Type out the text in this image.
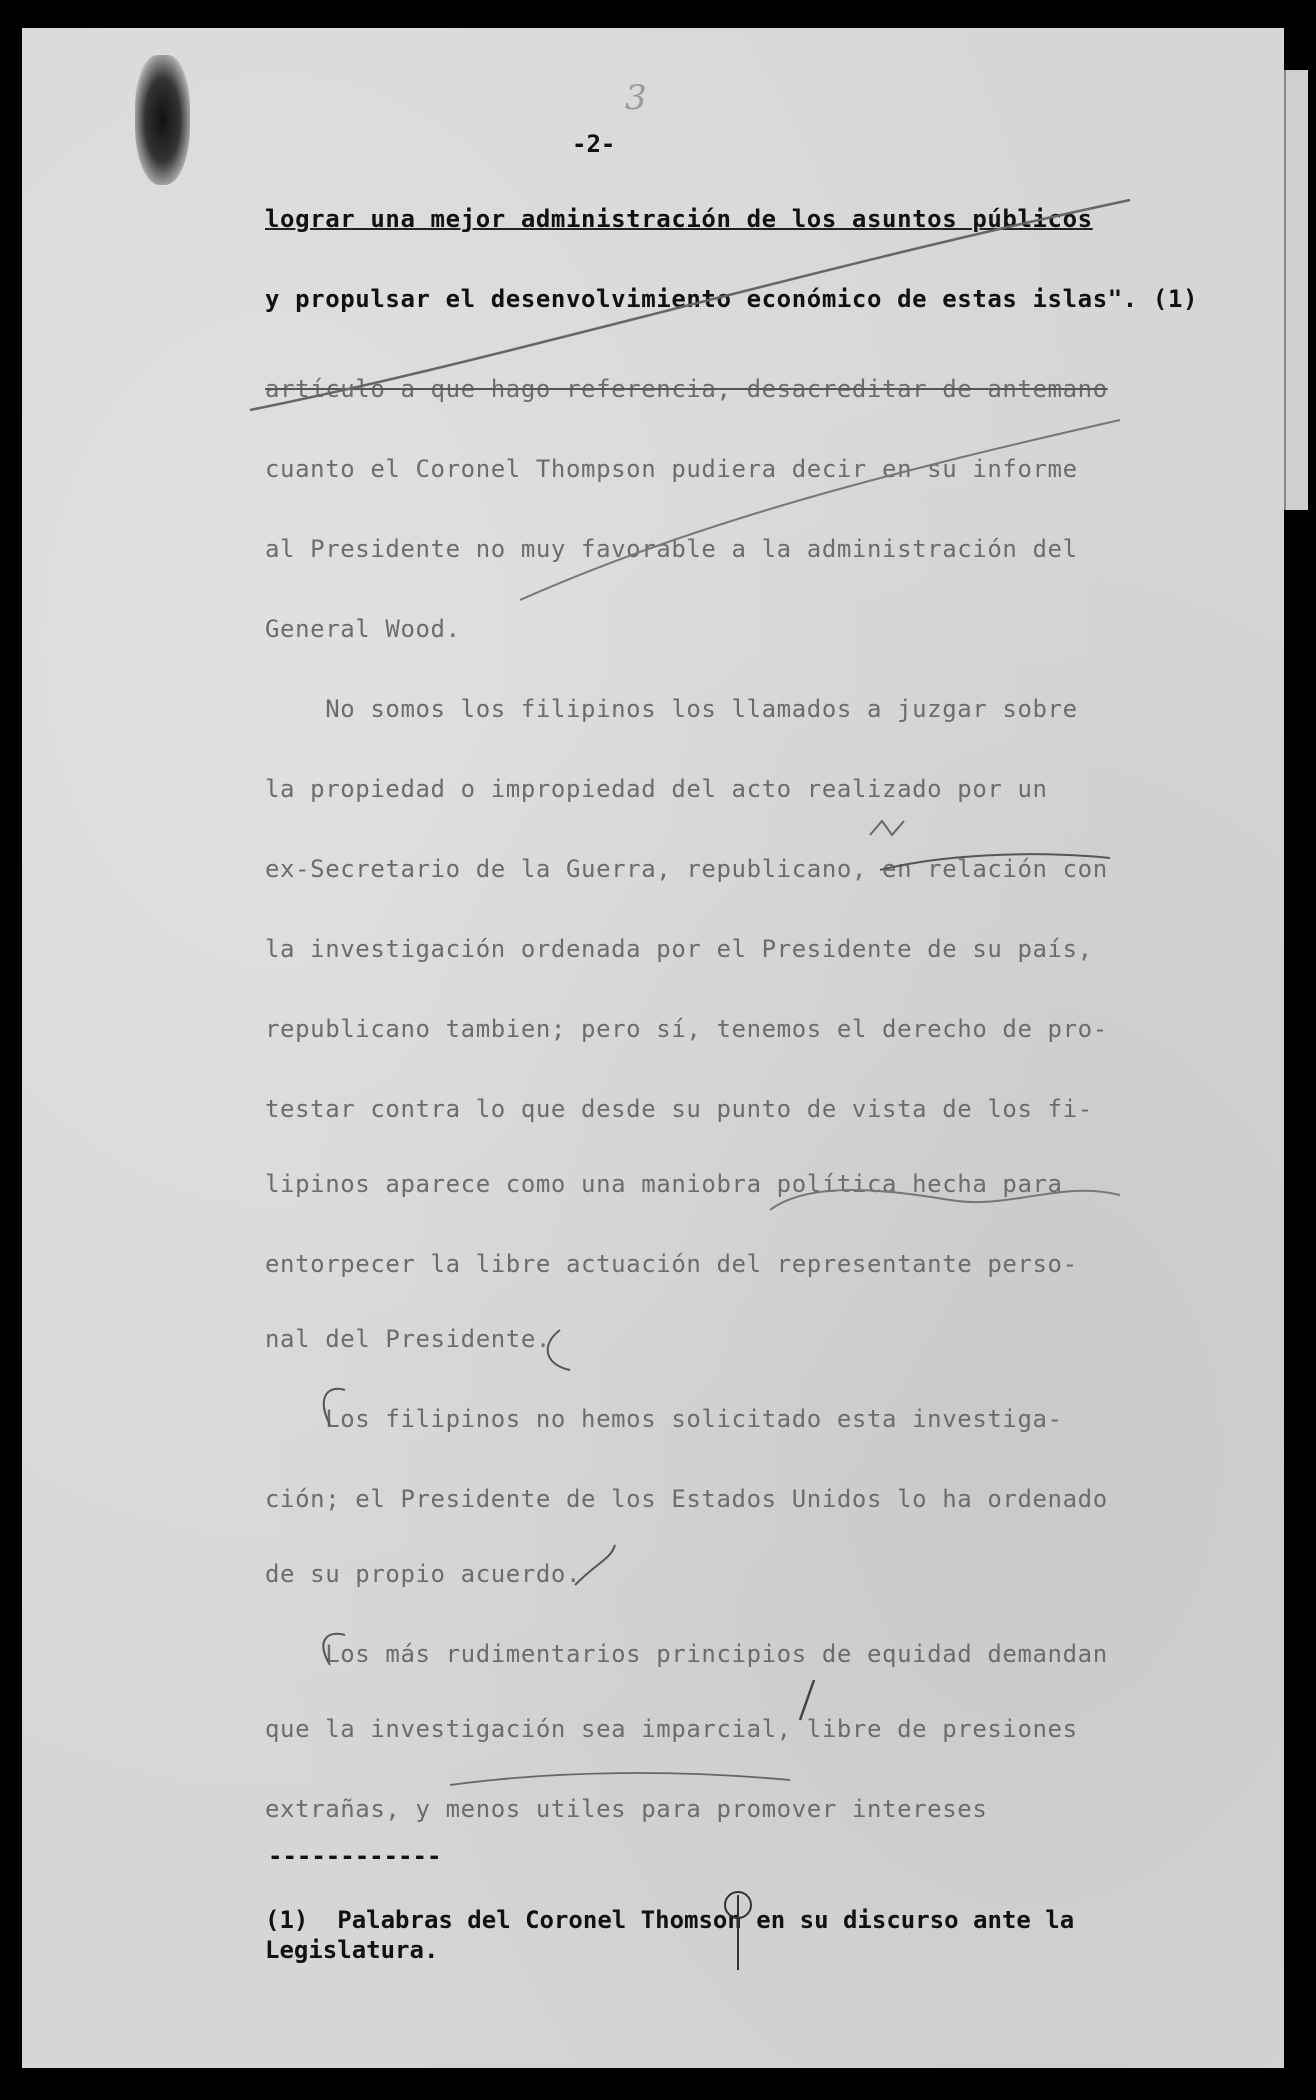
3
-2-
lograr una mejor administración de los asuntos públicos
y propulsar el desenvolvimiento económico de estas islas". (1)
artículo a que hago referencia, desacreditar de antemano
cuanto el Coronel Thompson pudiera decir en su informe
al Presidente no muy favorable a la administración del
General Wood.
No somos los filipinos los llamados a juzgar sobre
la propiedad o impropiedad del acto realizado por un
ex-Secretario de la Guerra, republicano, en relación con
la investigación ordenada por el Presidente de su país,
republicano tambien; pero sí, tenemos el derecho de pro-
testar contra lo que desde su punto de vista de los fi-
lipinos aparece como una maniobra política hecha para
entorpecer la libre actuación del representante perso-
nal del Presidente.
Los filipinos no hemos solicitado esta investiga-
ción; el Presidente de los Estados Unidos lo ha ordenado
de su propio acuerdo.
Los más rudimentarios principios de equidad demandan
que la investigación sea imparcial, libre de presiones
extrañas, y menos utiles para promover intereses
------------
(1)  Palabras del Coronel Thomson en su discurso ante la
Legislatura.
